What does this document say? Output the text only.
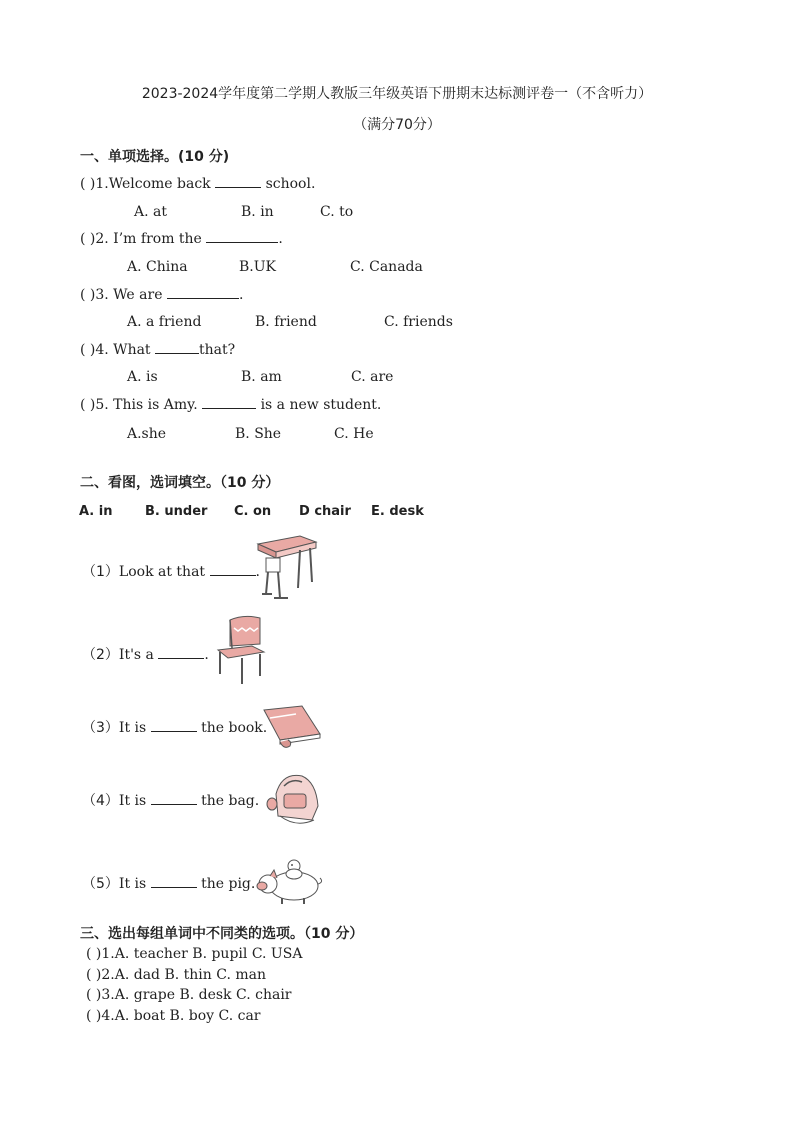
2023-2024学年度第二学期人教版三年级英语下册期末达标测评卷一（不含听力）
（满分70分）
一、单项选择。(10 分)
( )1.Welcome back	school.
A. at	B. in	C. to
( )2. I’m from the	.
A. China	B.UK	C. Canada
( )3. We are	.
A. a friend	B. friend	C. friends
( )4. What	that?
A. is	B. am	C. are
( )5. This is Amy.	is a new student.
A.she	B. She	C. He
二、看图，选词填空。（10 分）
A. in	B. under C. on D chair E. desk
（1）Look at that	.
（2）It's a	.
（3）It is	the book.
（4）It is	the bag.
（5）It is	the pig.
三、选出每组单词中不同类的选项。（10 分）
( )1.A. teacher B. pupil C. USA
( )2.A. dad B. thin C. man
( )3.A. grape B. desk C. chair
( )4.A. boat B. boy C. car
